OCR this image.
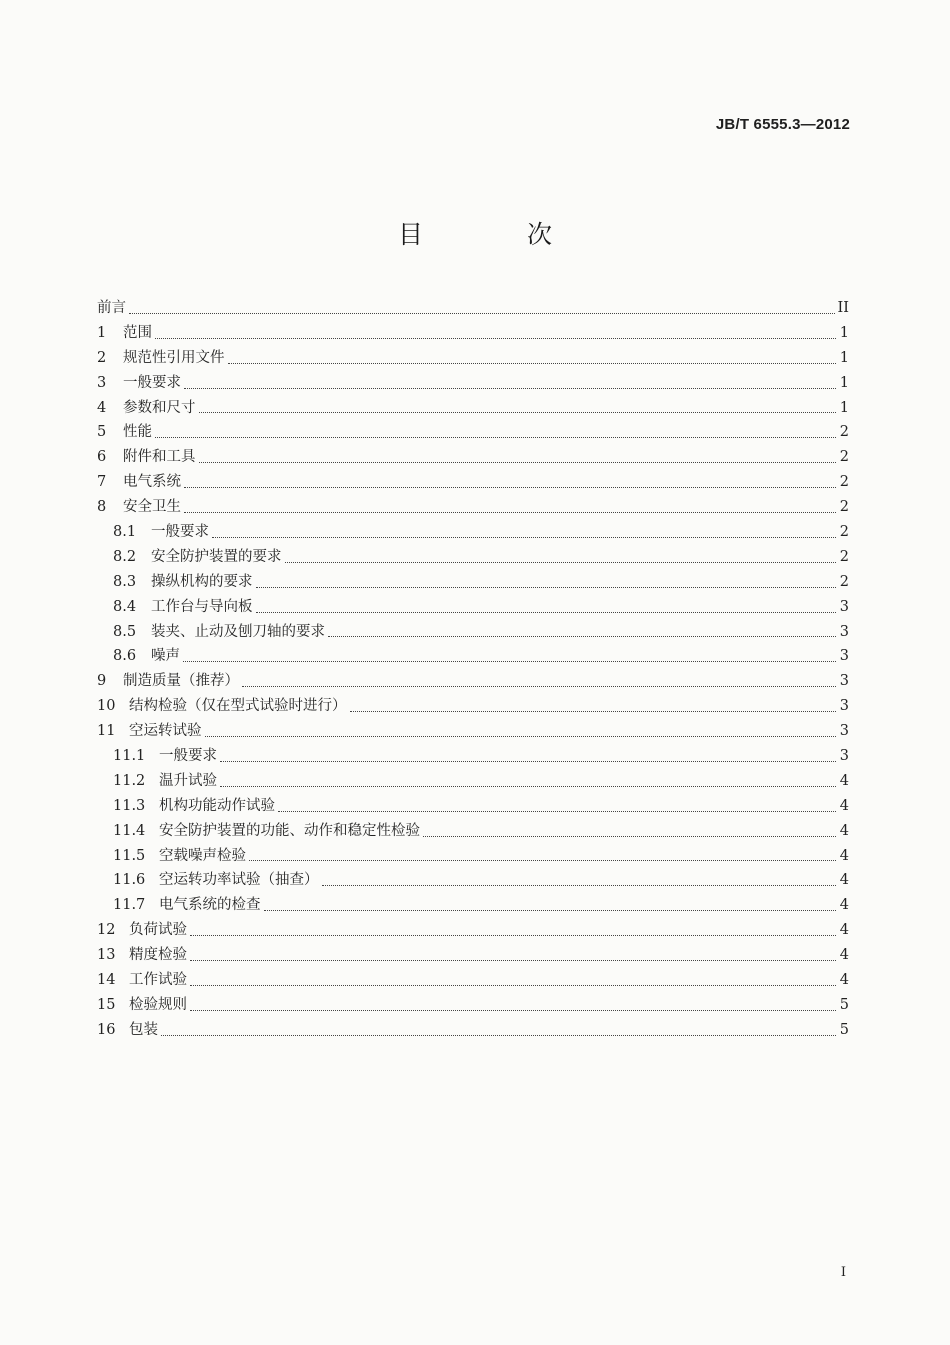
JB/T 6555.3—2012
目 次
前言	II
1	范围	1
2	规范性引用文件	1
3	一般要求	1
4	参数和尺寸	1
5	性能	2
6	附件和工具	2
7	电气系统	2
8	安全卫生	2
8.1	一般要求	2
8.2	安全防护装置的要求	2
8.3	操纵机构的要求	2
8.4	工作台与导向板	3
8.5	装夹、止动及刨刀轴的要求	3
8.6	噪声	3
9	制造质量（推荐）	3
10 结构检验（仅在型式试验时进行）	3
11 空运转试验	3
11.1 一般要求	3
11.2 温升试验	4
11.3 机构功能动作试验	4
11.4 安全防护装置的功能、动作和稳定性检验	4
11.5 空载噪声检验	4
11.6 空运转功率试验（抽查）	4
11.7 电气系统的检查	4
12 负荷试验	4
13 精度检验	4
14 工作试验	4
15 检验规则	5
16 包装	5
I
